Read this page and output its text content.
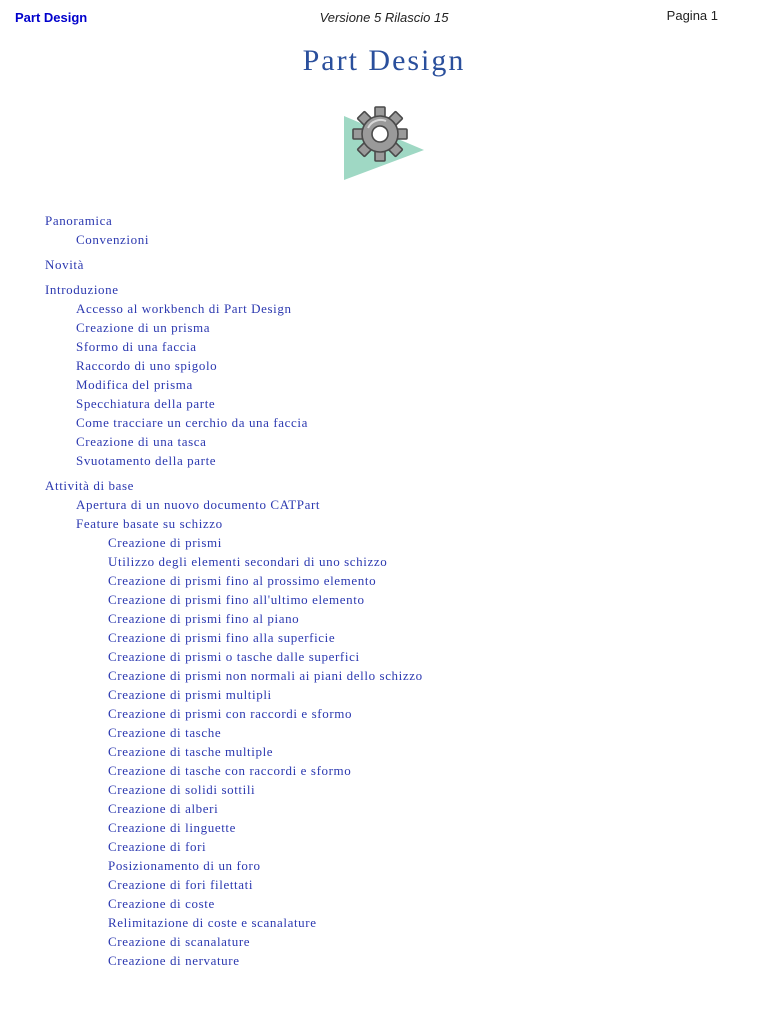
Part Design	Versione 5 Rilascio 15	Pagina 1
Part Design
Panoramica
Convenzioni
Novità
Introduzione
Accesso al workbench di Part Design
Creazione di un prisma
Sformo di una faccia
Raccordo di uno spigolo
Modifica del prisma
Specchiatura della parte
Come tracciare un cerchio da una faccia
Creazione di una tasca
Svuotamento della parte
Attività di base
Apertura di un nuovo documento CATPart
Feature basate su schizzo
Creazione di prismi
Utilizzo degli elementi secondari di uno schizzo
Creazione di prismi fino al prossimo elemento
Creazione di prismi fino all'ultimo elemento
Creazione di prismi fino al piano
Creazione di prismi fino alla superficie
Creazione di prismi o tasche dalle superfici
Creazione di prismi non normali ai piani dello schizzo
Creazione di prismi multipli
Creazione di prismi con raccordi e sformo
Creazione di tasche
Creazione di tasche multiple
Creazione di tasche con raccordi e sformo
Creazione di solidi sottili
Creazione di alberi
Creazione di linguette
Creazione di fori
Posizionamento di un foro
Creazione di fori filettati
Creazione di coste
Relimitazione di coste e scanalature
Creazione di scanalature
Creazione di nervature
